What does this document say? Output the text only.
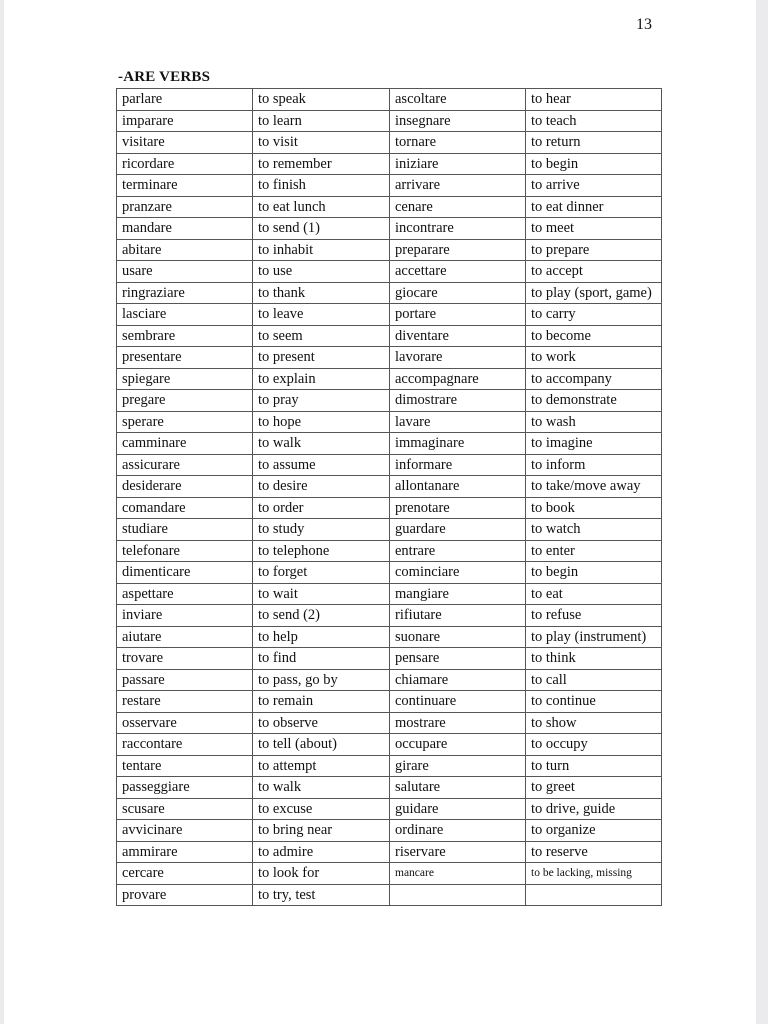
13
-ARE VERBS
parlare	to speak	ascoltare	to hear
imparare	to learn	insegnare	to teach
visitare	to visit	tornare	to return
ricordare	to remember	iniziare	to begin
terminare	to finish	arrivare	to arrive
pranzare	to eat lunch	cenare	to eat dinner
mandare	to send (1)	incontrare	to meet
abitare	to inhabit	preparare	to prepare
usare	to use	accettare	to accept
ringraziare	to thank	giocare	to play (sport, game)
lasciare	to leave	portare	to carry
sembrare	to seem	diventare	to become
presentare	to present	lavorare	to work
spiegare	to explain	accompagnare	to accompany
pregare	to pray	dimostrare	to demonstrate
sperare	to hope	lavare	to wash
camminare	to walk	immaginare	to imagine
assicurare	to assume	informare	to inform
desiderare	to desire	allontanare	to take/move away
comandare	to order	prenotare	to book
studiare	to study	guardare	to watch
telefonare	to telephone	entrare	to enter
dimenticare	to forget	cominciare	to begin
aspettare	to wait	mangiare	to eat
inviare	to send (2)	rifiutare	to refuse
aiutare	to help	suonare	to play (instrument)
trovare	to find	pensare	to think
passare	to pass, go by	chiamare	to call
restare	to remain	continuare	to continue
osservare	to observe	mostrare	to show
raccontare	to tell (about)	occupare	to occupy
tentare	to attempt	girare	to turn
passeggiare	to walk	salutare	to greet
scusare	to excuse	guidare	to drive, guide
avvicinare	to bring near	ordinare	to organize
ammirare	to admire	riservare	to reserve
cercare	to look for	mancare	to be lacking, missing
provare	to try, test		
